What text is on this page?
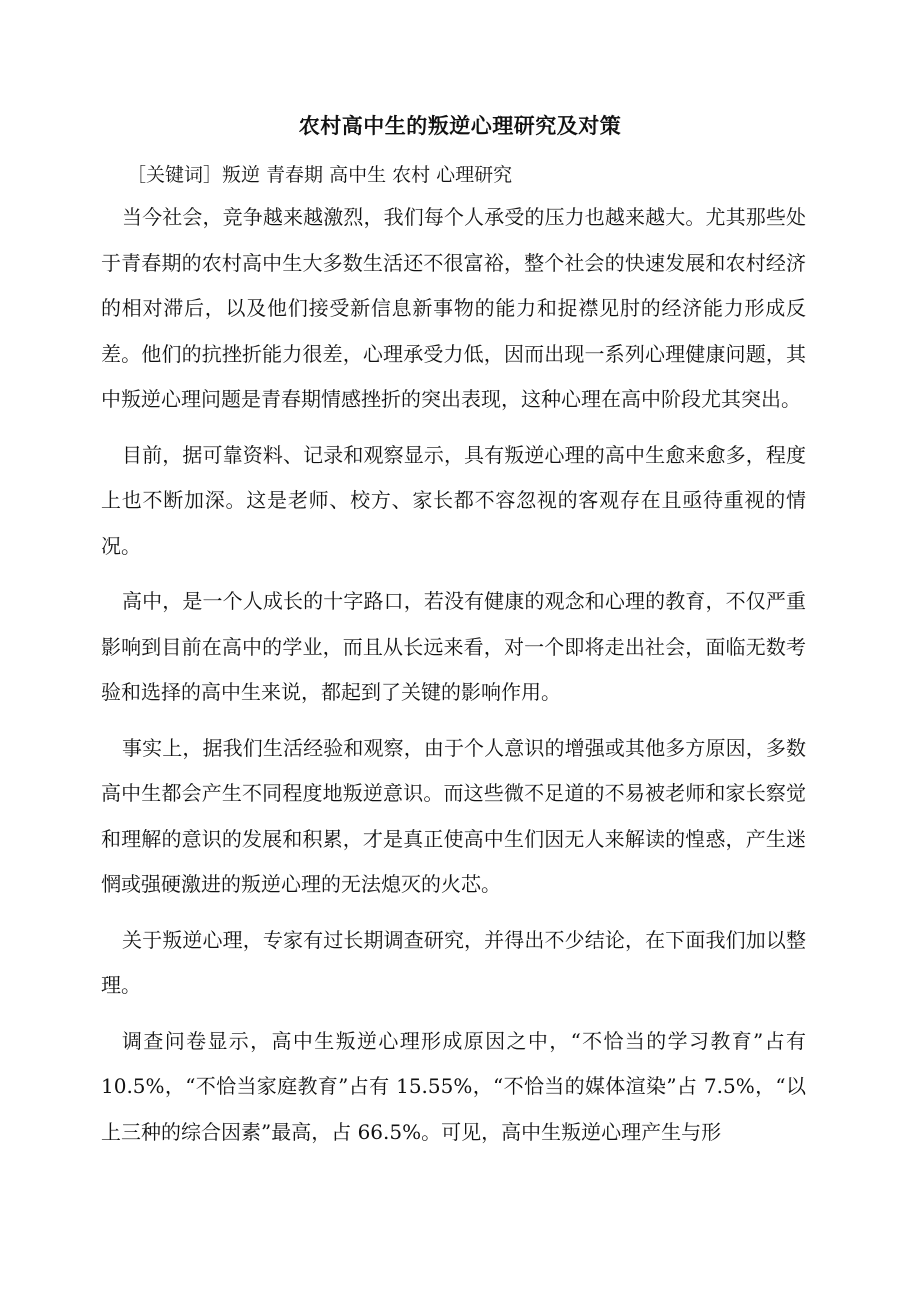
农村高中生的叛逆心理研究及对策

［关键词］叛逆 青春期 高中生 农村 心理研究

当今社会，竞争越来越激烈，我们每个人承受的压力也越来越大。尤其那些处于青春期的农村高中生大多数生活还不很富裕，整个社会的快速发展和农村经济的相对滞后，以及他们接受新信息新事物的能力和捉襟见肘的经济能力形成反差。他们的抗挫折能力很差，心理承受力低，因而出现一系列心理健康问题，其中叛逆心理问题是青春期情感挫折的突出表现，这种心理在高中阶段尤其突出。

目前，据可靠资料、记录和观察显示，具有叛逆心理的高中生愈来愈多，程度上也不断加深。这是老师、校方、家长都不容忽视的客观存在且亟待重视的情况。

高中，是一个人成长的十字路口，若没有健康的观念和心理的教育，不仅严重影响到目前在高中的学业，而且从长远来看，对一个即将走出社会，面临无数考验和选择的高中生来说，都起到了关键的影响作用。

事实上，据我们生活经验和观察，由于个人意识的增强或其他多方原因，多数高中生都会产生不同程度地叛逆意识。而这些微不足道的不易被老师和家长察觉和理解的意识的发展和积累，才是真正使高中生们因无人来解读的惶惑，产生迷惘或强硬激进的叛逆心理的无法熄灭的火芯。

关于叛逆心理，专家有过长期调查研究，并得出不少结论，在下面我们加以整理。

调查问卷显示，高中生叛逆心理形成原因之中，“不恰当的学习教育”占有 10.5%，“不恰当家庭教育”占有 15.55%，“不恰当的媒体渲染”占 7.5%，“以上三种的综合因素”最高，占 66.5%。可见，高中生叛逆心理产生与形
